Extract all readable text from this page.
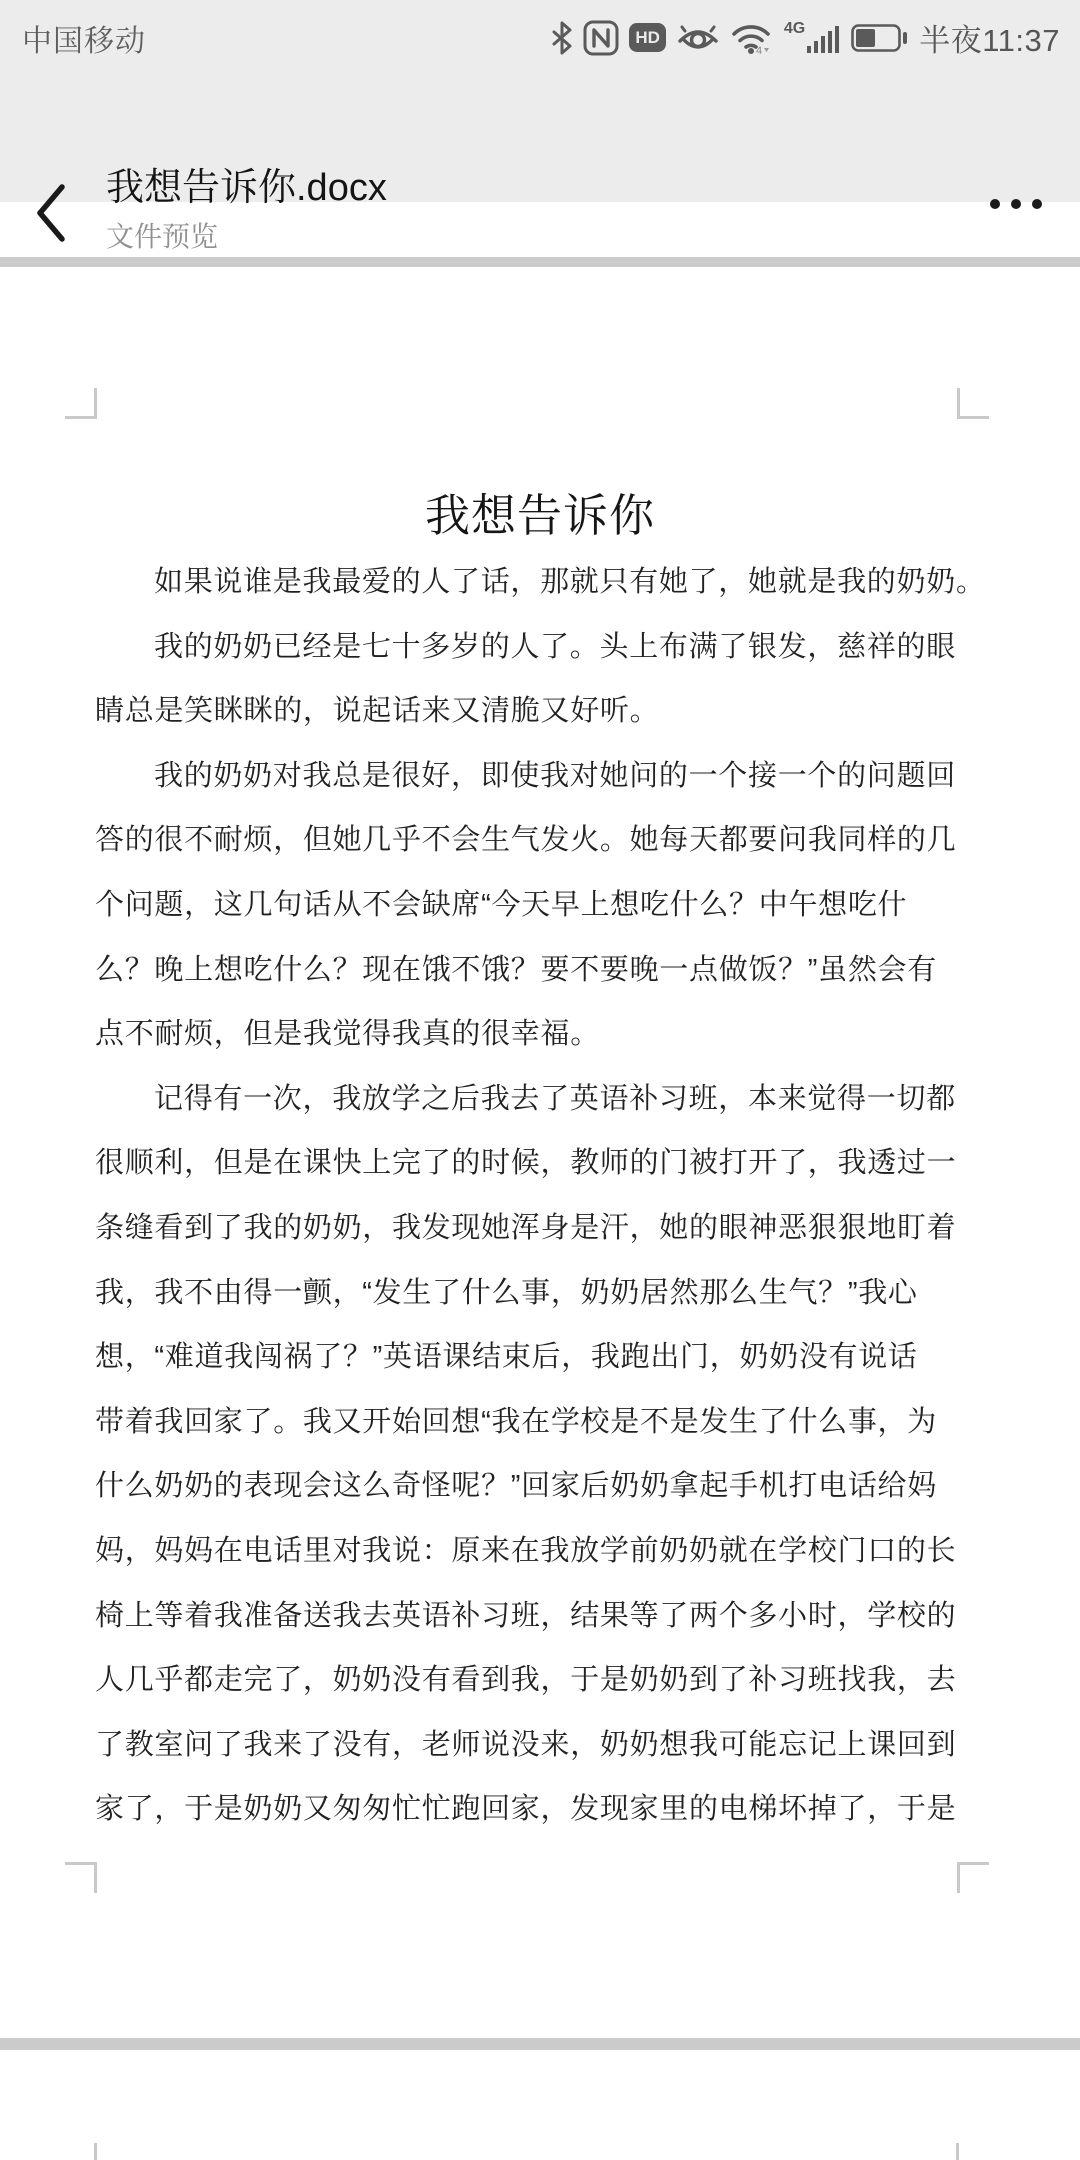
中国移动	HD
4
4G	半夜11:37
我想告诉你.docx
文件预览
我想告诉你
如果说谁是我最爱的人了话，那就只有她了，她就是我的奶奶。
我的奶奶已经是七十多岁的人了。头上布满了银发，慈祥的眼
睛总是笑眯眯的，说起话来又清脆又好听。
我的奶奶对我总是很好，即使我对她问的一个接一个的问题回
答的很不耐烦，但她几乎不会生气发火。她每天都要问我同样的几
个问题，这几句话从不会缺席“今天早上想吃什么？中午想吃什
么？晚上想吃什么？现在饿不饿？要不要晚一点做饭？”虽然会有
点不耐烦，但是我觉得我真的很幸福。
记得有一次，我放学之后我去了英语补习班，本来觉得一切都
很顺利，但是在课快上完了的时候，教师的门被打开了，我透过一
条缝看到了我的奶奶，我发现她浑身是汗，她的眼神恶狠狠地盯着
我，我不由得一颤，“发生了什么事，奶奶居然那么生气？”我心
想，“难道我闯祸了？”英语课结束后，我跑出门，奶奶没有说话
带着我回家了。我又开始回想“我在学校是不是发生了什么事，为
什么奶奶的表现会这么奇怪呢？”回家后奶奶拿起手机打电话给妈
妈，妈妈在电话里对我说：原来在我放学前奶奶就在学校门口的长
椅上等着我准备送我去英语补习班，结果等了两个多小时，学校的
人几乎都走完了，奶奶没有看到我，于是奶奶到了补习班找我，去
了教室问了我来了没有，老师说没来，奶奶想我可能忘记上课回到
家了，于是奶奶又匆匆忙忙跑回家，发现家里的电梯坏掉了，于是
